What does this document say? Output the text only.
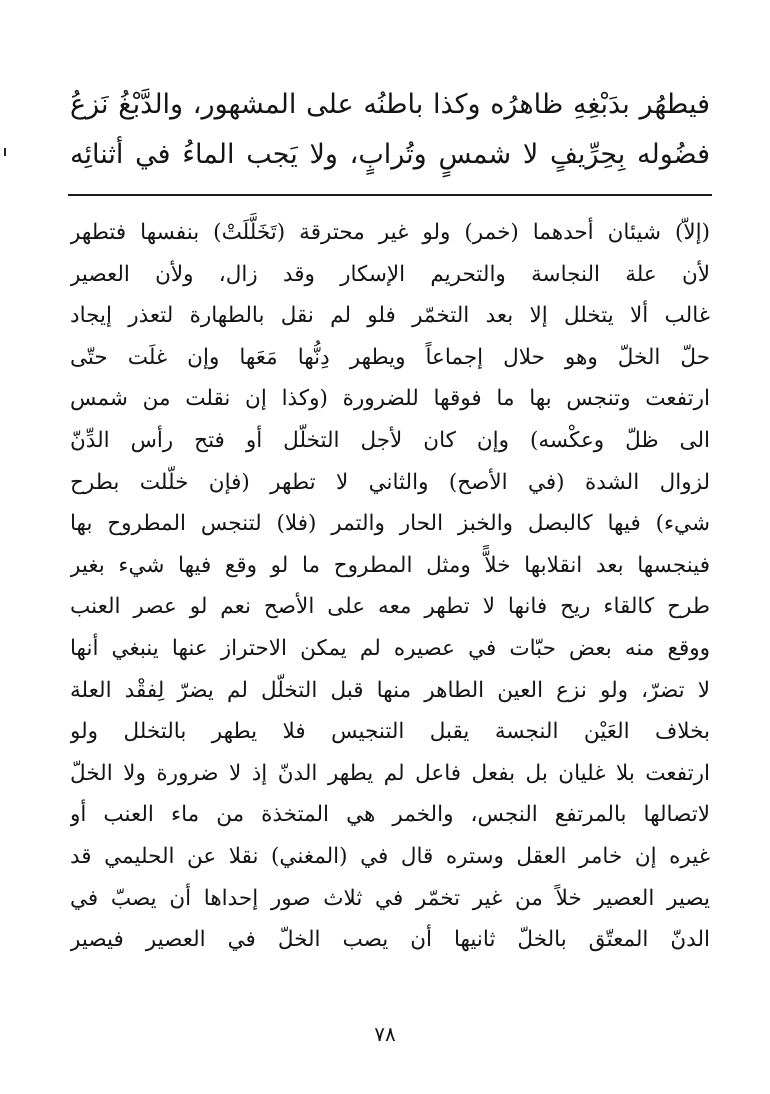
فيطهُر بدَبْغِهِ ظاهرُه وكذا باطنُه على المشهور، والدَّبْغُ نَزعُ
فضُوله بِحِرِّيفٍ لا شمسٍ وتُرابٍ، ولا يَجب الماءُ في أثنائِه
(إلاّ) شيئان أحدهما (خمر) ولو غير محترقة (تَخَلَّلَتْ) بنفسها فتطهر
لأن علة النجاسة والتحريم الإسكار وقد زال، ولأن العصير
غالب ألا يتخلل إلا بعد التخمّر فلو لم نقل بالطهارة لتعذر إيجاد
حلّ الخلّ وهو حلال إجماعاً ويطهر دِنُّها مَعَها وإن غلَت حتّى
ارتفعت وتنجس بها ما فوقها للضرورة (وكذا إن نقلت من شمس
الى ظلّ وعكْسه) وإن كان لأجل التخلّل أو فتح رأس الدِّنّ
لزوال الشدة (في الأصح) والثاني لا تطهر (فإن خلّلت بطرح
شيء) فيها كالبصل والخبز الحار والتمر (فلا) لتنجس المطروح بها
فينجسها بعد انقلابها خلاًّ ومثل المطروح ما لو وقع فيها شيء بغير
طرح كالقاء ريح فانها لا تطهر معه على الأصح نعم لو عصر العنب
ووقع منه بعض حبّات في عصيره لم يمكن الاحتراز عنها ينبغي أنها
لا تضرّ، ولو نزع العين الطاهر منها قبل التخلّل لم يضرّ لِفقْد العلة
بخلاف العَيْن النجسة يقبل التنجيس فلا يطهر بالتخلل ولو
ارتفعت بلا غليان بل بفعل فاعل لم يطهر الدنّ إذ لا ضرورة ولا الخلّ
لاتصالها بالمرتفع النجس، والخمر هي المتخذة من ماء العنب أو
غيره إن خامر العقل وستره قال في (المغني) نقلا عن الحليمي قد
يصير العصير خلاً من غير تخمّر في ثلاث صور إحداها أن يصبّ في
الدنّ المعتّق بالخلّ ثانيها أن يصب الخلّ في العصير فيصير
٧٨
